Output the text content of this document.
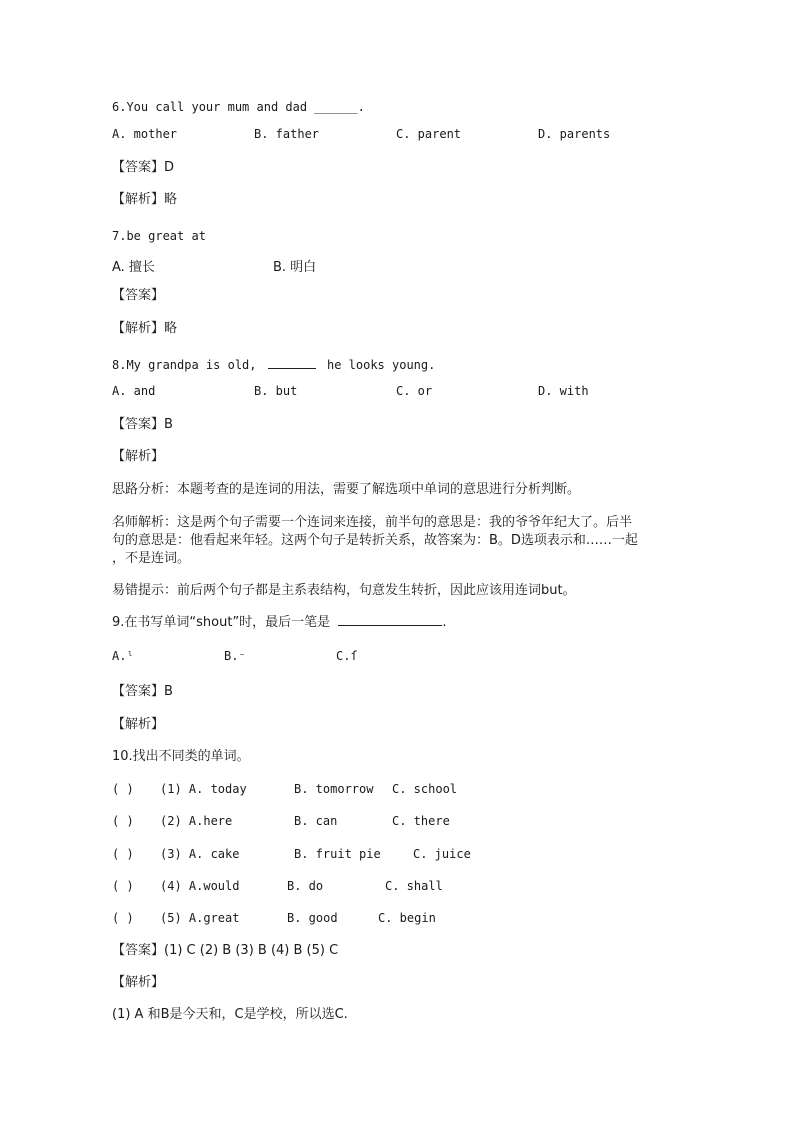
6.You call your mum and dad ______.
A. mother	B. father	C. parent	D. parents
【答案】D
【解析】略
7.be great at
A. 擅长	B. 明白
【答案】
【解析】略
8.My grandpa is old,	he looks young.
A. and	B. but	C. or	D. with
【答案】B
【解析】
思路分析：本题考查的是连词的用法，需要了解选项中单词的意思进行分析判断。
名师解析：这是两个句子需要一个连词来连接，前半句的意思是：我的爷爷年纪大了。后半
句的意思是：他看起来年轻。这两个句子是转折关系，故答案为：B。D选项表示和……一起
，不是连词。
易错提示：前后两个句子都是主系表结构，句意发生转折，因此应该用连词but。
9.在书写单词“shout”时，最后一笔是	.
A.ˡ	B.⁻	C.ſ
【答案】B
【解析】
10.找出不同类的单词。
( ) (1) A. today	B. tomorrow C. school
( ) (2) A.here	B. can	C. there
( ) (3) A. cake	B. fruit pie	C. juice
( ) (4) A.would	B. do	C. shall
( ) (5) A.great	B. good	C. begin
【答案】(1) C (2) B (3) B (4) B (5) C
【解析】
(1) A 和B是今天和，C是学校，所以选C.
